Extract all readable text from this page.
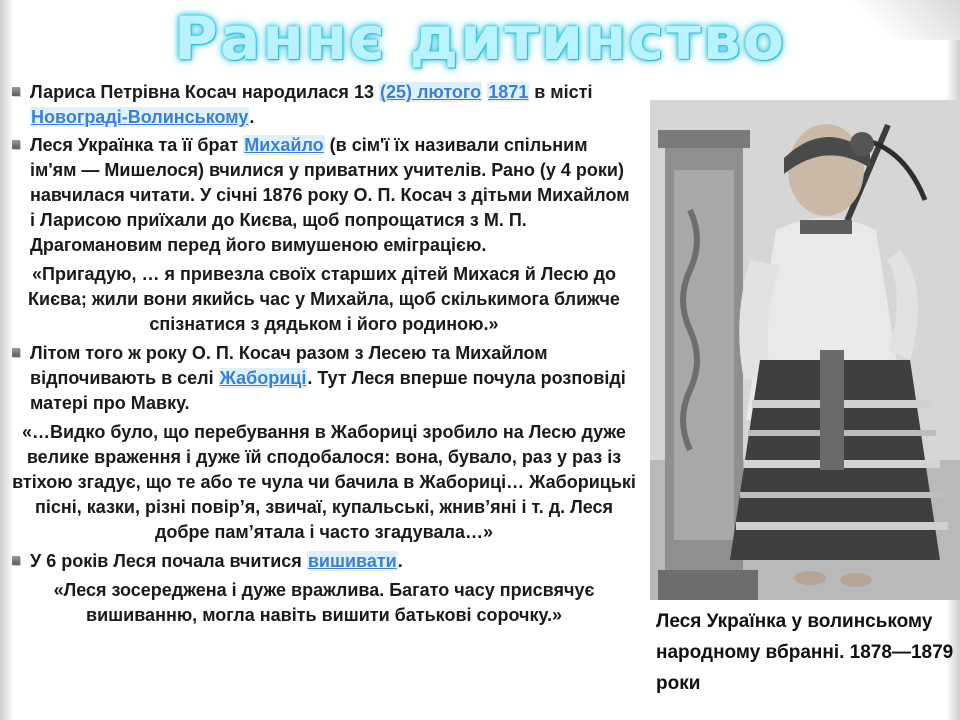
Раннє дитинство
Лариса Петрівна Косач народилася 13 (25) лютого 1871 в місті Новограді-Волинському.
Леся Українка та її брат Михайло (в сім'ї їх називали спільним ім'ям — Мишелося) вчилися у приватних учителів. Рано (у 4 роки) навчилася читати. У січні 1876 року О. П. Косач з дітьми Михайлом і Ларисою приїхали до Києва, щоб попрощатися з М. П. Драгомановим перед його вимушеною еміграцією.
«Пригадую, … я привезла своїх старших дітей Михася й Лесю до Києва; жили вони якийсь час у Михайла, щоб скількимога ближче спізнатися з дядьком і його родиною.»
Літом того ж року О. П. Косач разом з Лесею та Михайлом відпочивають в селі Жабориці. Тут Леся вперше почула розповіді матері про Мавку.
«…Видко було, що перебування в Жабориці зробило на Лесю дуже велике враження і дуже їй сподобалося: вона, бувало, раз у раз із втіхою згадує, що те або те чула чи бачила в Жабориці… Жаборицькі пісні, казки, різні повір’я, звичаї, купальські, жнив’яні і т. д. Леся добре пам’ятала і часто згадувала…»
У 6 років Леся почала вчитися вишивати.
«Леся зосереджена і дуже вражлива. Багато часу присвячує вишиванню, могла навіть вишити батькові сорочку.»	Леся Українка у волинському народному вбранні. 1878—1879 роки
